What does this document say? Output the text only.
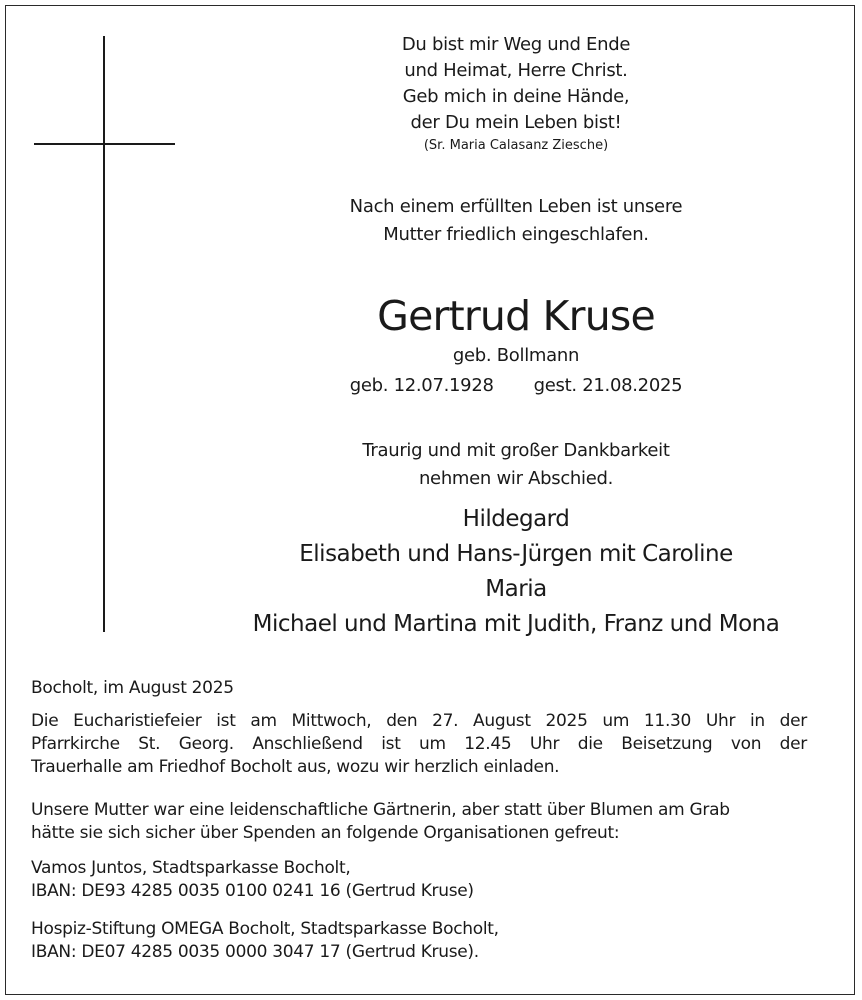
Du bist mir Weg und Ende
und Heimat, Herre Christ.
Geb mich in deine Hände,
der Du mein Leben bist!
(Sr. Maria Calasanz Ziesche)
Nach einem erfüllten Leben ist unsere
Mutter friedlich eingeschlafen.
Gertrud Kruse
geb. Bollmann
geb. 12.07.1928 gest. 21.08.2025
Traurig und mit großer Dankbarkeit
nehmen wir Abschied.
Hildegard
Elisabeth und Hans-Jürgen mit Caroline
Maria
Michael und Martina mit Judith, Franz und Mona
Bocholt, im August 2025
Die Eucharistiefeier ist am Mittwoch, den 27. August 2025 um 11.30 Uhr in der
Pfarrkirche St. Georg. Anschließend ist um 12.45 Uhr die Beisetzung von der
Trauerhalle am Friedhof Bocholt aus, wozu wir herzlich einladen.
Unsere Mutter war eine leidenschaftliche Gärtnerin, aber statt über Blumen am Grab
hätte sie sich sicher über Spenden an folgende Organisationen gefreut:
Vamos Juntos, Stadtsparkasse Bocholt,
IBAN: DE93 4285 0035 0100 0241 16 (Gertrud Kruse)
Hospiz-Stiftung OMEGA Bocholt, Stadtsparkasse Bocholt,
IBAN: DE07 4285 0035 0000 3047 17 (Gertrud Kruse).
